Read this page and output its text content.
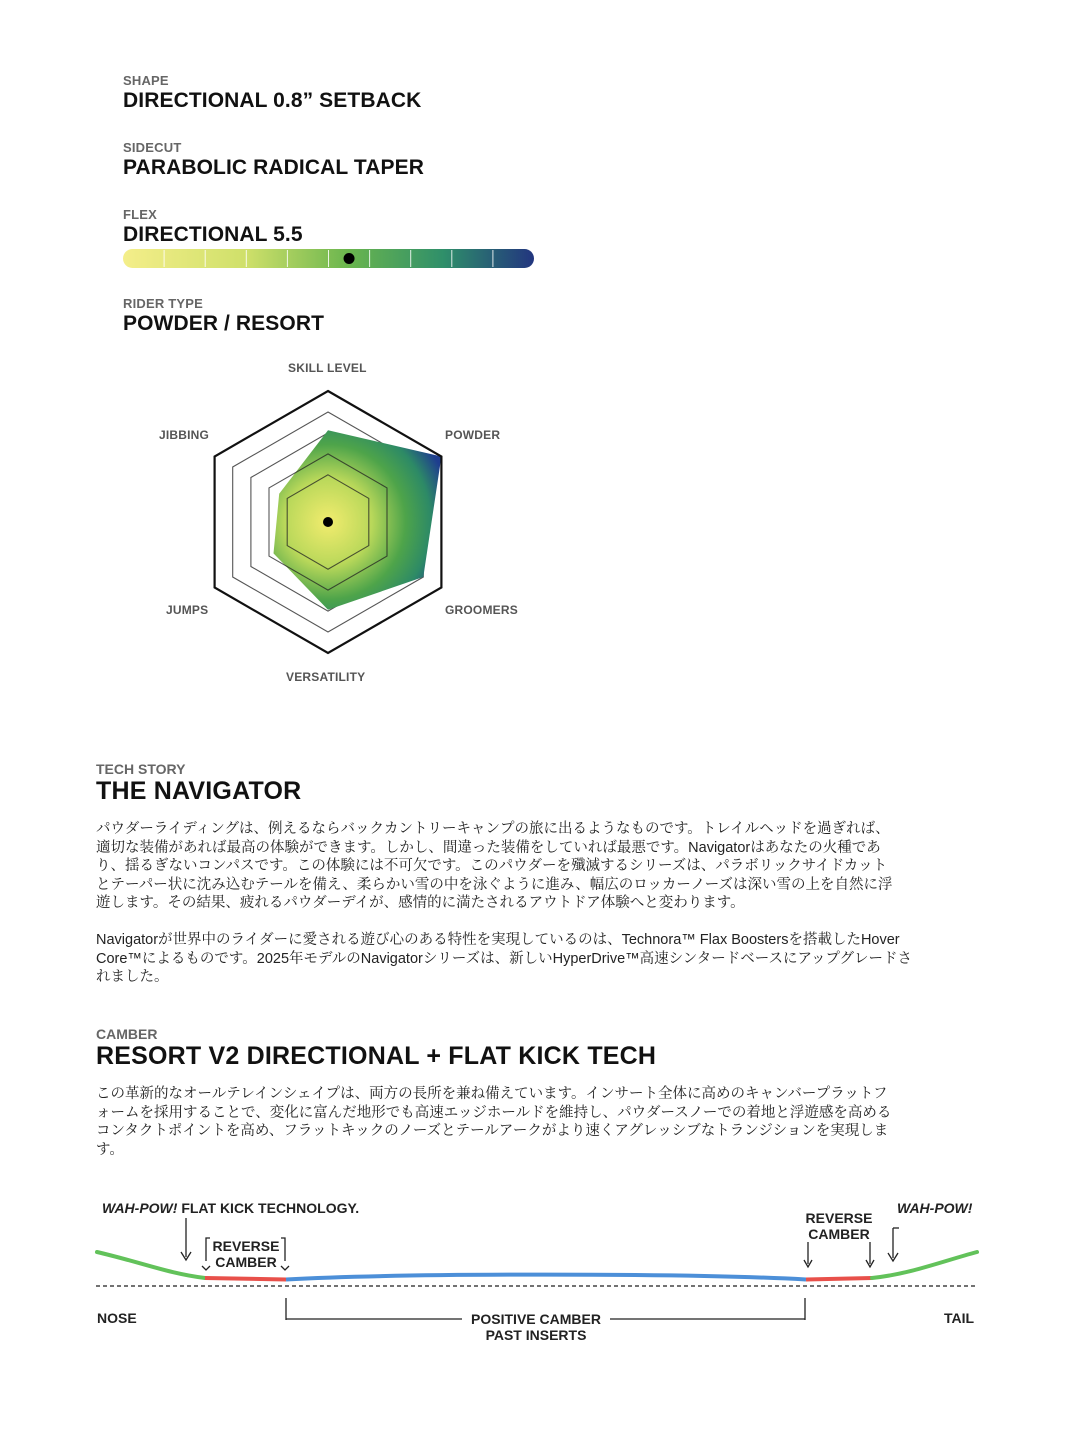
SHAPE
DIRECTIONAL 0.8” SETBACK
SIDECUT
PARABOLIC RADICAL TAPER
FLEX
DIRECTIONAL 5.5
RIDER TYPE
POWDER / RESORT
SKILL LEVEL
POWDER
GROOMERS
VERSATILITY
JUMPS
JIBBING
TECH STORY
THE NAVIGATOR
パウダーライディングは、例えるならバックカントリーキャンプの旅に出るようなものです。トレイルヘッドを過ぎれば、
適切な装備があれば最高の体験ができます。しかし、間違った装備をしていれば最悪です。Navigatorはあなたの火種であ
り、揺るぎないコンパスです。この体験には不可欠です。このパウダーを殲滅するシリーズは、パラボリックサイドカット
とテーパー状に沈み込むテールを備え、柔らかい雪の中を泳ぐように進み、幅広のロッカーノーズは深い雪の上を自然に浮
遊します。その結果、疲れるパウダーデイが、感情的に満たされるアウトドア体験へと変わります。
Navigatorが世界中のライダーに愛される遊び心のある特性を実現しているのは、Technora™ Flax Boostersを搭載したHover
Core™によるものです。2025年モデルのNavigatorシリーズは、新しいHyperDrive™高速シンタードベースにアップグレードさ
れました。
CAMBER
RESORT V2 DIRECTIONAL + FLAT KICK TECH
この革新的なオールテレインシェイプは、両方の長所を兼ね備えています。インサート全体に高めのキャンバープラットフ
ォームを採用することで、変化に富んだ地形でも高速エッジホールドを維持し、パウダースノーでの着地と浮遊感を高める
コンタクトポイントを高め、フラットキックのノーズとテールアークがより速くアグレッシブなトランジションを実現しま
す。
WAH-POW! FLAT KICK TECHNOLOGY.	WAH-POW!
REVERSE
CAMBER
REVERSE
CAMBER
NOSE	TAIL
POSITIVE CAMBER
PAST INSERTS
